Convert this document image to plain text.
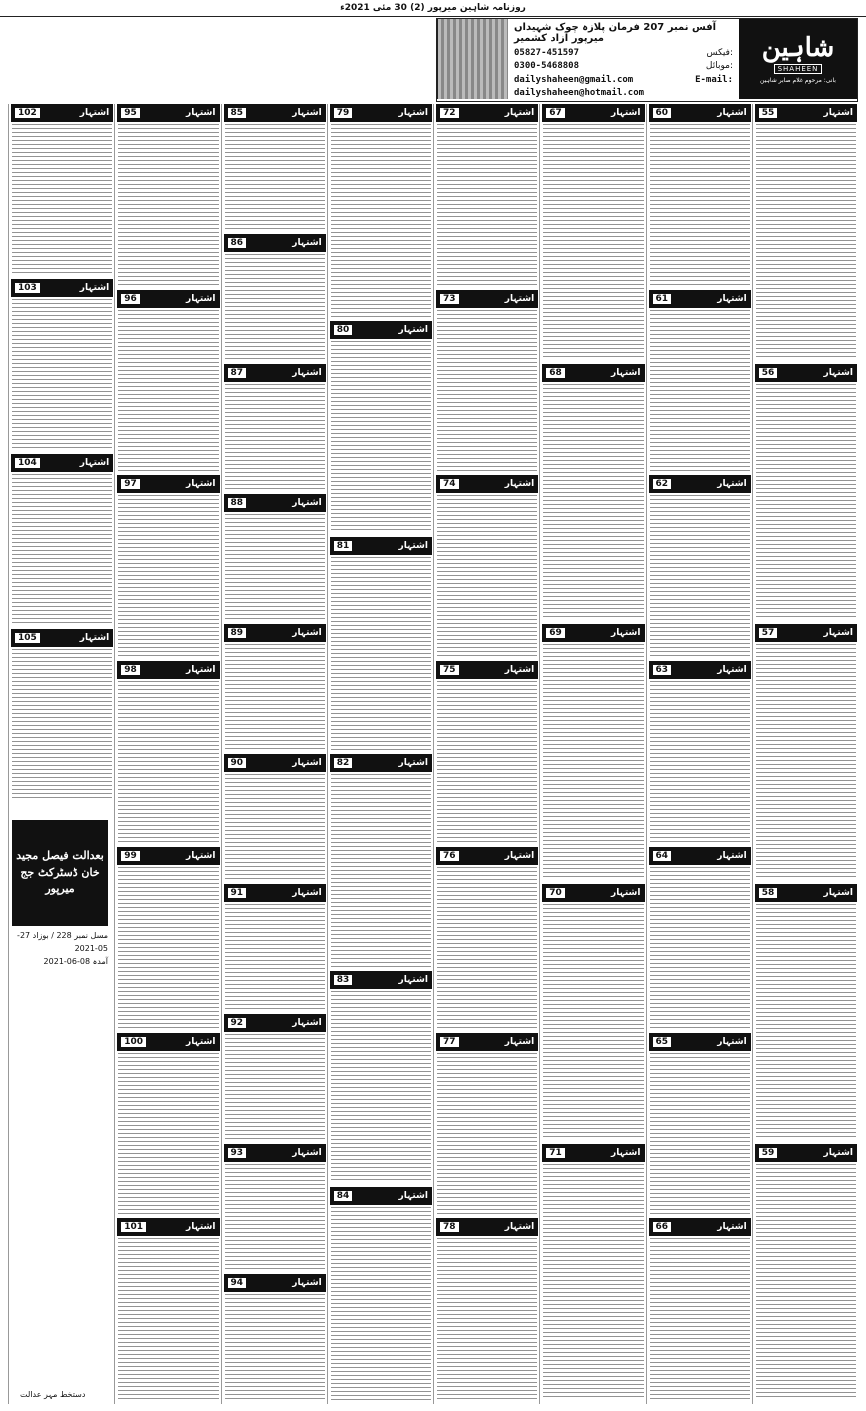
روزنامہ شاہین میرپور (2) 30 مئی 2021ء
شاہین
SHAHEEN
بانی: مرحوم غلام صابر شاہین
آفس نمبر 207 فرمان پلازہ چوک شہیداں میرپور آزاد کشمیر
05827-451597	فیکس:
0300-5468808	موبائل:
dailyshaheen@gmail.com	E-mail:
dailyshaheen@hotmail.com
55	اشتہار
56	اشتہار
57	اشتہار
58	اشتہار
59	اشتہار
60	اشتہار
61	اشتہار
62	اشتہار
63	اشتہار
64	اشتہار
65	اشتہار
66	اشتہار
67	اشتہار
68	اشتہار
69	اشتہار
70	اشتہار
71	اشتہار
72	اشتہار
73	اشتہار
74	اشتہار
75	اشتہار
76	اشتہار
77	اشتہار
78	اشتہار
79	اشتہار
80	اشتہار
81	اشتہار
82	اشتہار
83	اشتہار
84	اشتہار
85	اشتہار
86	اشتہار
87	اشتہار
88	اشتہار
89	اشتہار
90	اشتہار
91	اشتہار
92	اشتہار
93	اشتہار
94	اشتہار
95	اشتہار
96	اشتہار
97	اشتہار
98	اشتہار
99	اشتہار
100	اشتہار
101	اشتہار
102	اشتہار
103	اشتہار
104	اشتہار
105	اشتہار
بعدالت فیصل مجید خان ڈسٹرکٹ جج میرپور
مسل نمبر 228 / بوزاد 27-05-2021
آمدہ 08-06-2021
دستخط مہر عدالت
